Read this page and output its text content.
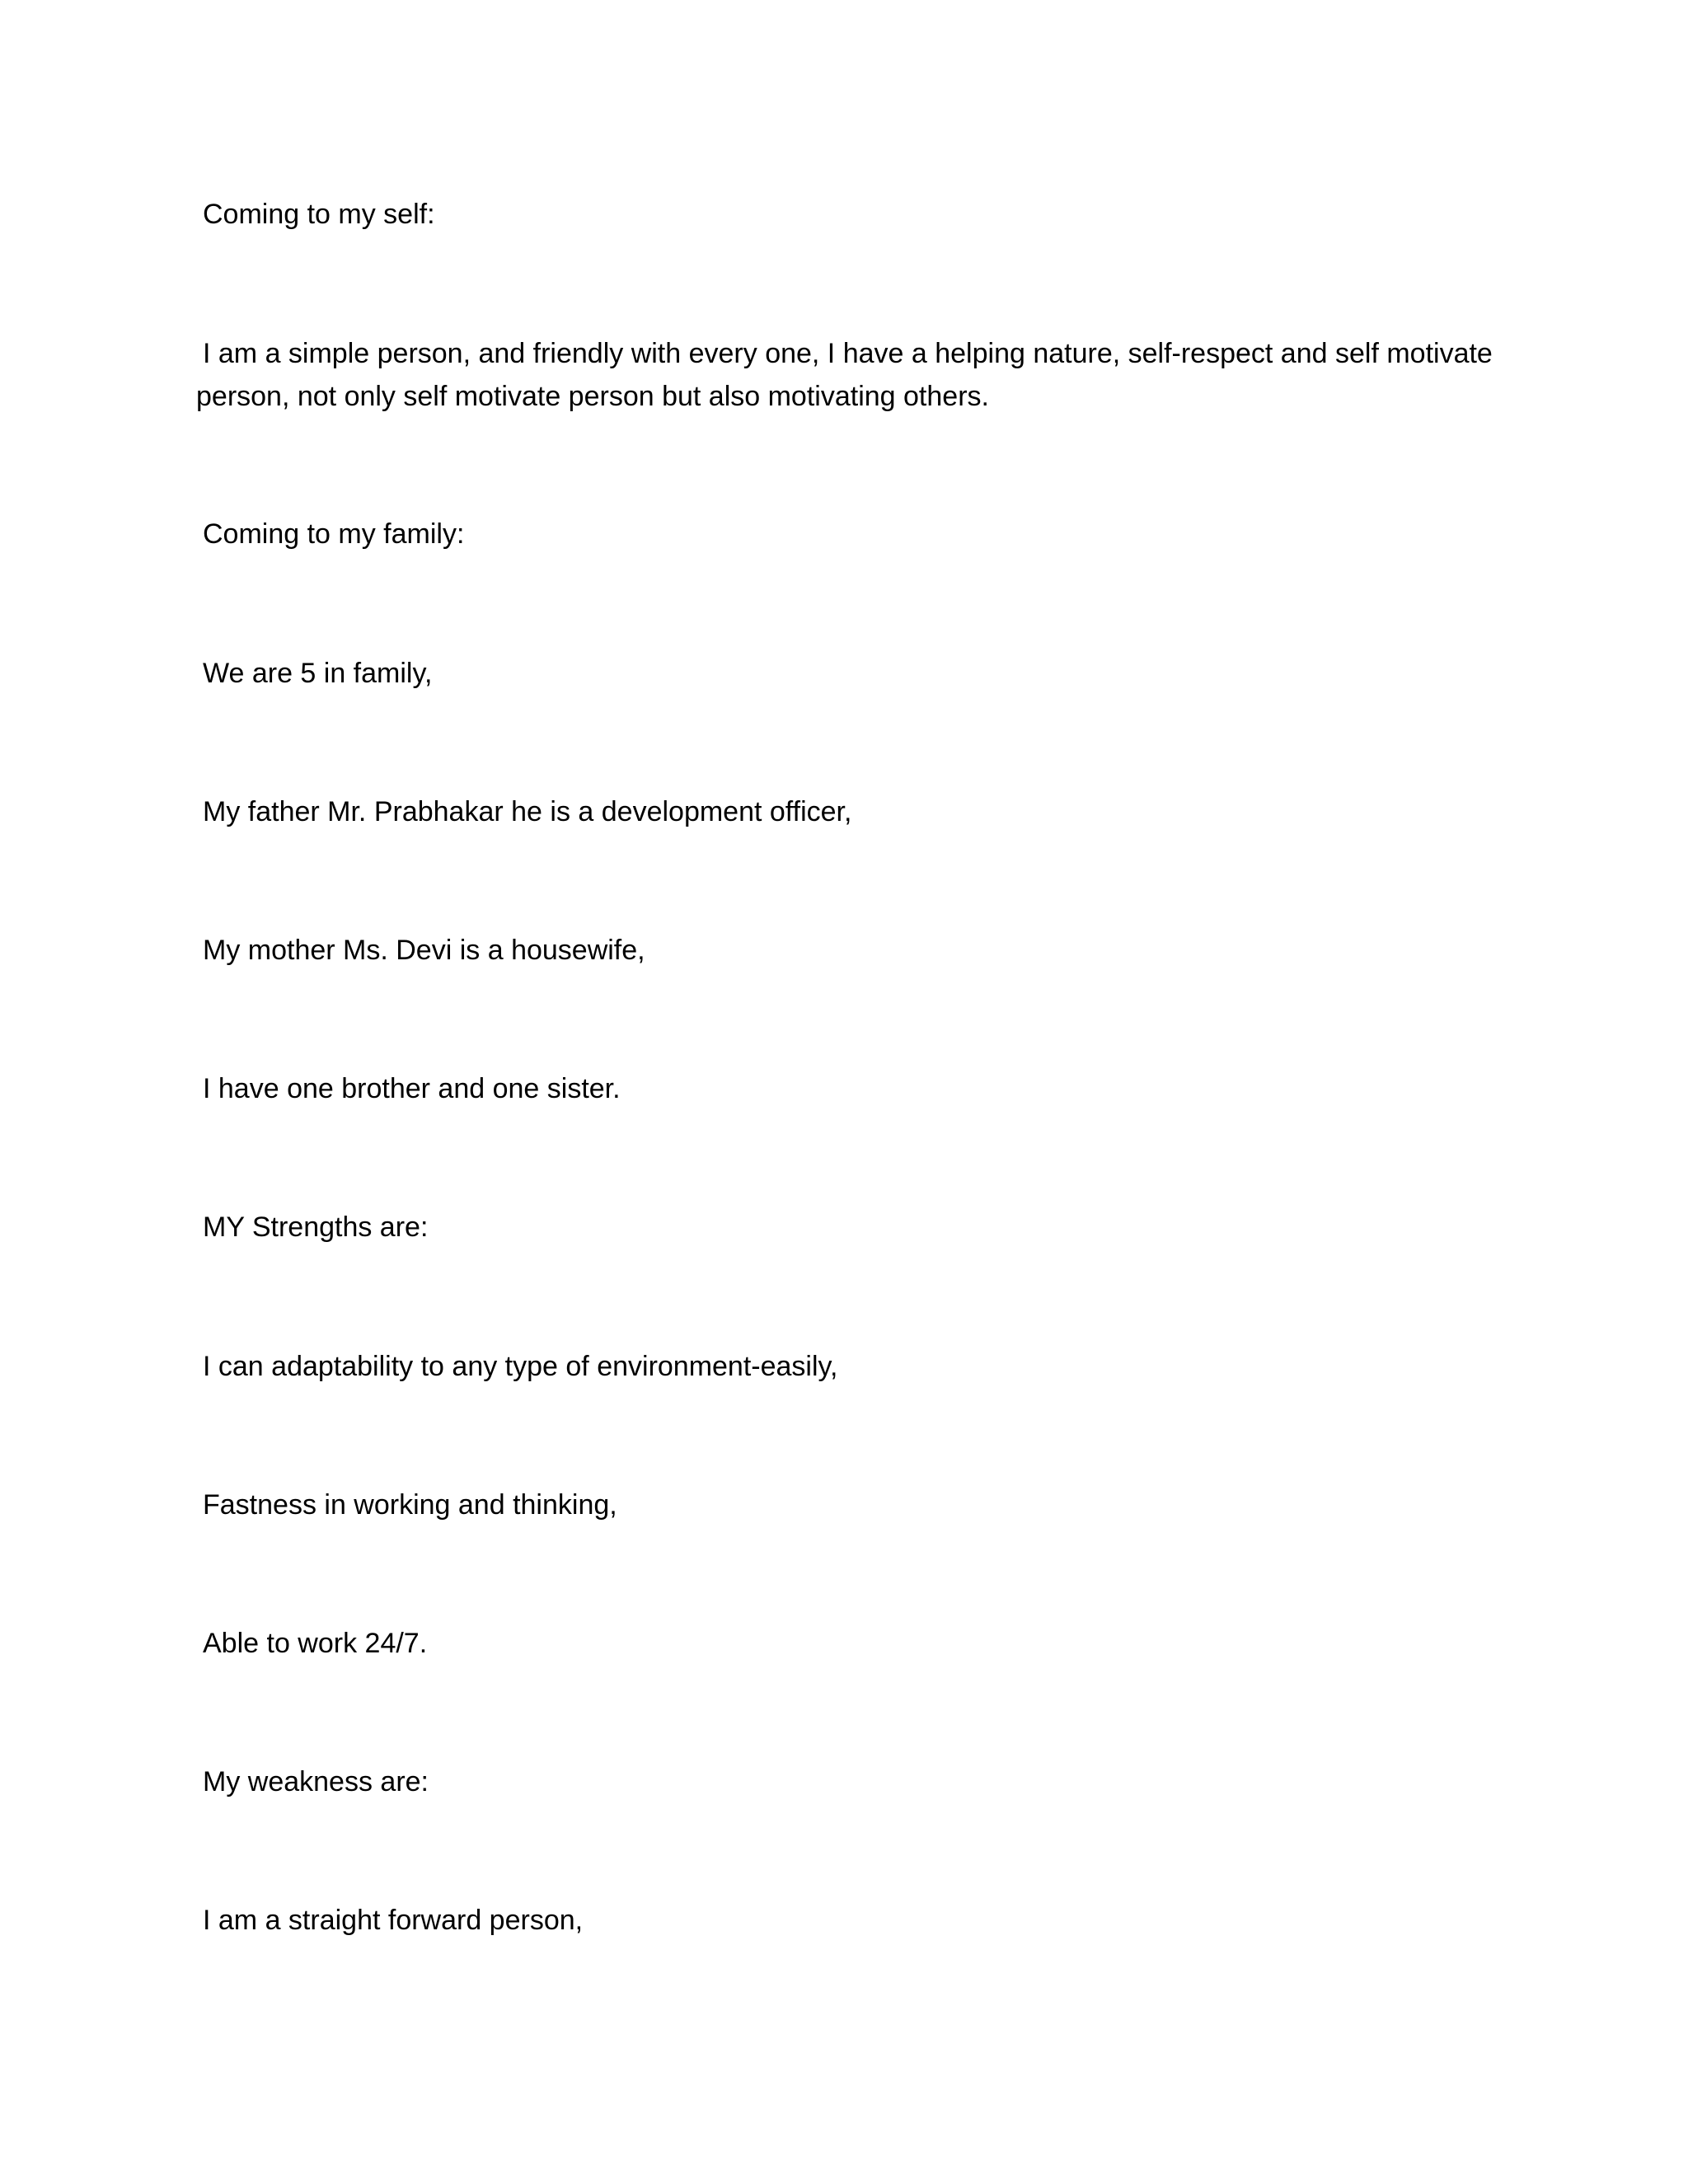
Coming to my self:

I am a simple person, and friendly with every one, I have a helping nature, self-respect and self motivate person, not only self motivate person but also motivating others.

Coming to my family:

We are 5 in family,

My father Mr. Prabhakar he is a development officer,

My mother Ms. Devi is a housewife,

I have one brother and one sister.

MY Strengths are:

I can adaptability to any type of environment-easily,

Fastness in working and thinking,

Able to work 24/7.

My weakness are:

I am a straight forward person,
